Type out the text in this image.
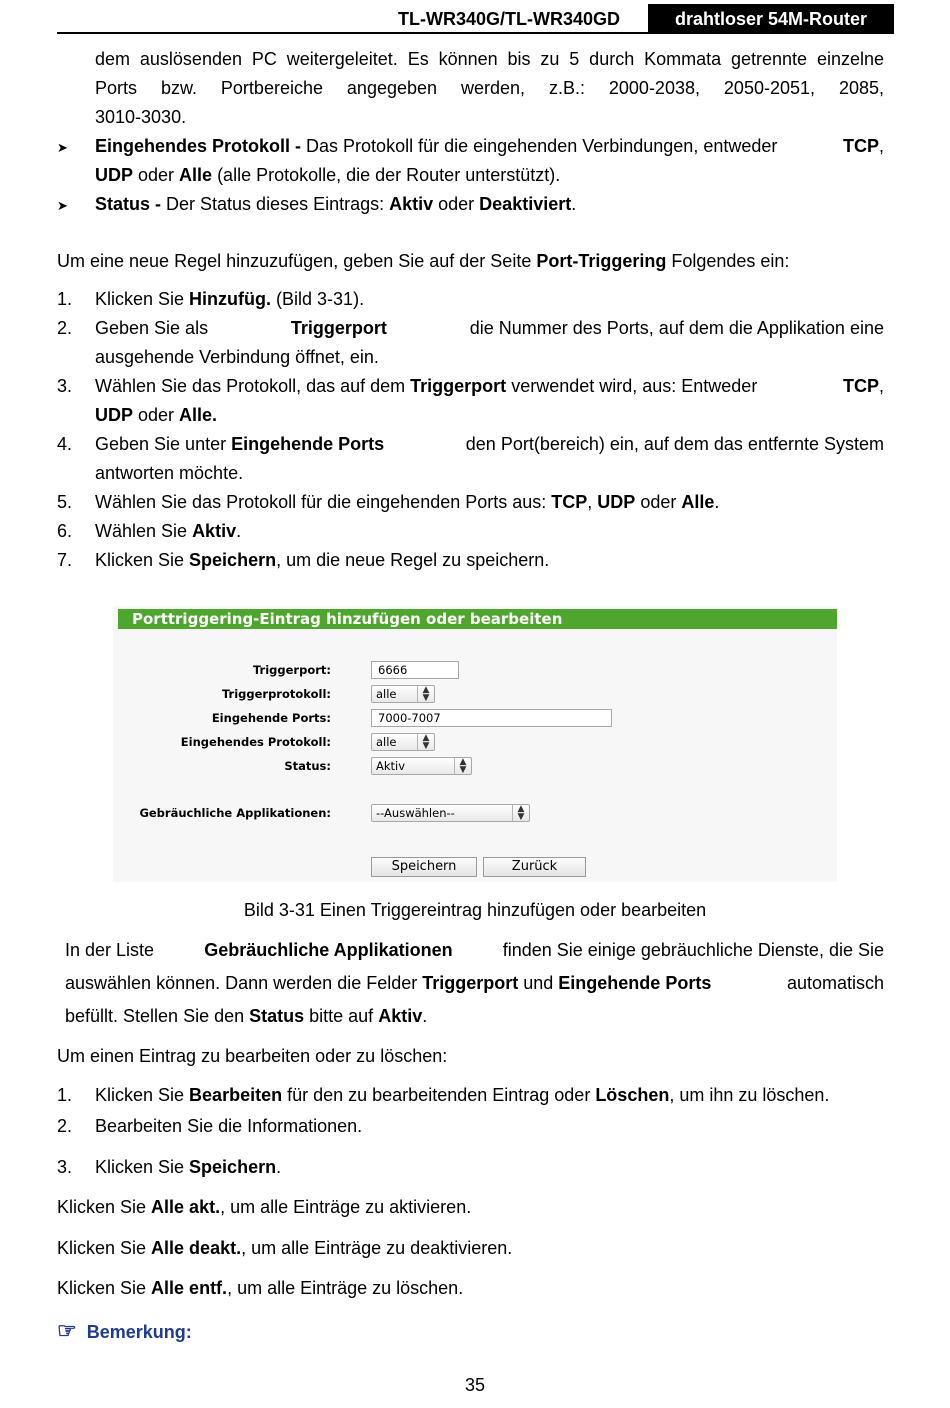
TL-WR340G/TL-WR340GD	drahtloser 54M-Router
dem auslösenden PC weitergeleitet. Es können bis zu 5 durch Kommata getrennte einzelne
Ports bzw. Portbereiche angegeben werden, z.B.: 2000-2038, 2050-2051, 2085,
3010-3030.
➤ Eingehendes Protokoll - Das Protokoll für die eingehenden Verbindungen, entweder	TCP,
UDP oder Alle (alle Protokolle, die der Router unterstützt).
➤ Status - Der Status dieses Eintrags: Aktiv oder Deaktiviert.
Um eine neue Regel hinzuzufügen, geben Sie auf der Seite Port-Triggering Folgendes ein:
1. Klicken Sie Hinzufüg. (Bild 3-31).
2. Geben Sie als	Triggerport	die Nummer des Ports, auf dem die Applikation eine
ausgehende Verbindung öffnet, ein.
3. Wählen Sie das Protokoll, das auf dem Triggerport verwendet wird, aus: Entweder	TCP,
UDP oder Alle.
4. Geben Sie unter Eingehende Ports	den Port(bereich) ein, auf dem das entfernte System
antworten möchte.
5. Wählen Sie das Protokoll für die eingehenden Ports aus: TCP, UDP oder Alle.
6. Wählen Sie Aktiv.
7. Klicken Sie Speichern, um die neue Regel zu speichern.
Porttriggering-Eintrag hinzufügen oder bearbeiten
Triggerport:	6666
Triggerprotokoll:	alle	▲
▼
Eingehende Ports:	7000-7007
Eingehendes Protokoll:	alle	▲
▼
Status:	Aktiv	▲
▼
Gebräuchliche Applikationen:	--Auswählen--	▲
▼
Speichern	Zurück
Bild 3-31 Einen Triggereintrag hinzufügen oder bearbeiten
In der Liste	Gebräuchliche Applikationen	finden Sie einige gebräuchliche Dienste, die Sie
auswählen können. Dann werden die Felder Triggerport und Eingehende Ports	automatisch
befüllt. Stellen Sie den Status bitte auf Aktiv.
Um einen Eintrag zu bearbeiten oder zu löschen:
1. Klicken Sie Bearbeiten für den zu bearbeitenden Eintrag oder Löschen, um ihn zu löschen.
2. Bearbeiten Sie die Informationen.
3. Klicken Sie Speichern.
Klicken Sie Alle akt., um alle Einträge zu aktivieren.
Klicken Sie Alle deakt., um alle Einträge zu deaktivieren.
Klicken Sie Alle entf., um alle Einträge zu löschen.
☞ Bemerkung:
35
